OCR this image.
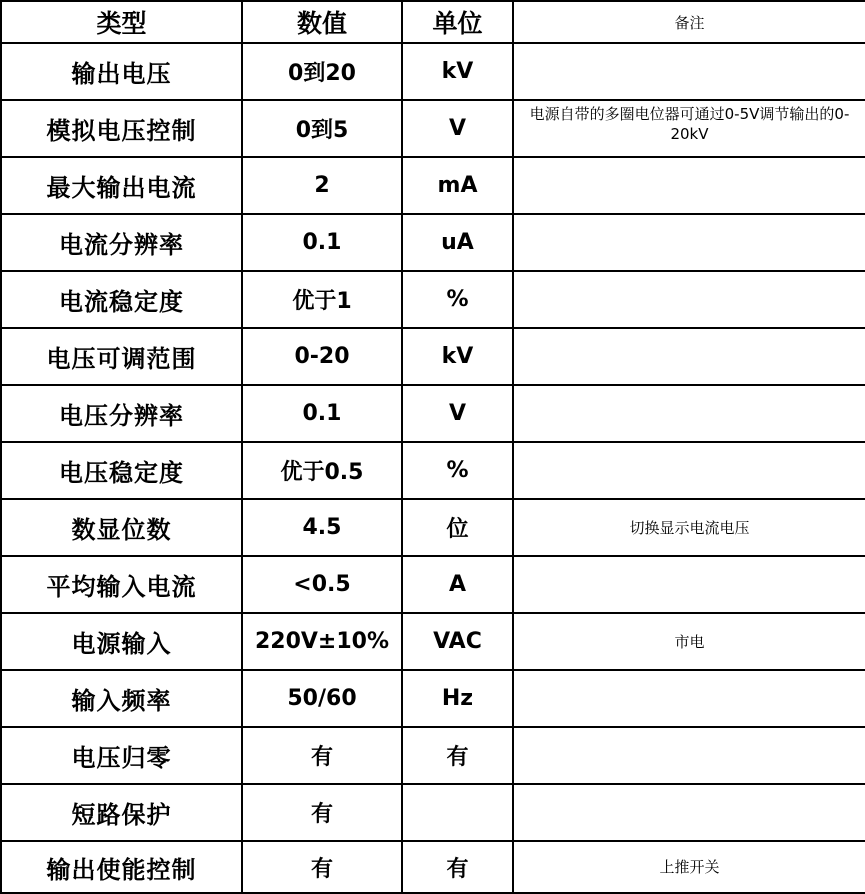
类型	数值	单位	备注
输出电压	0到20	kV	
模拟电压控制	0到5	V	电源自带的多圈电位器可通过0-5V调节输出的0-20kV
最大输出电流	2	mA	
电流分辨率	0.1	uA	
电流稳定度	优于1	%	
电压可调范围	0-20	kV	
电压分辨率	0.1	V	
电压稳定度	优于0.5	%	
数显位数	4.5	位	切换显示电流电压
平均输入电流	<0.5	A	
电源输入	220V±10%	VAC	市电
输入频率	50/60	Hz	
电压归零	有	有	
短路保护	有		
输出使能控制	有	有	上推开关
